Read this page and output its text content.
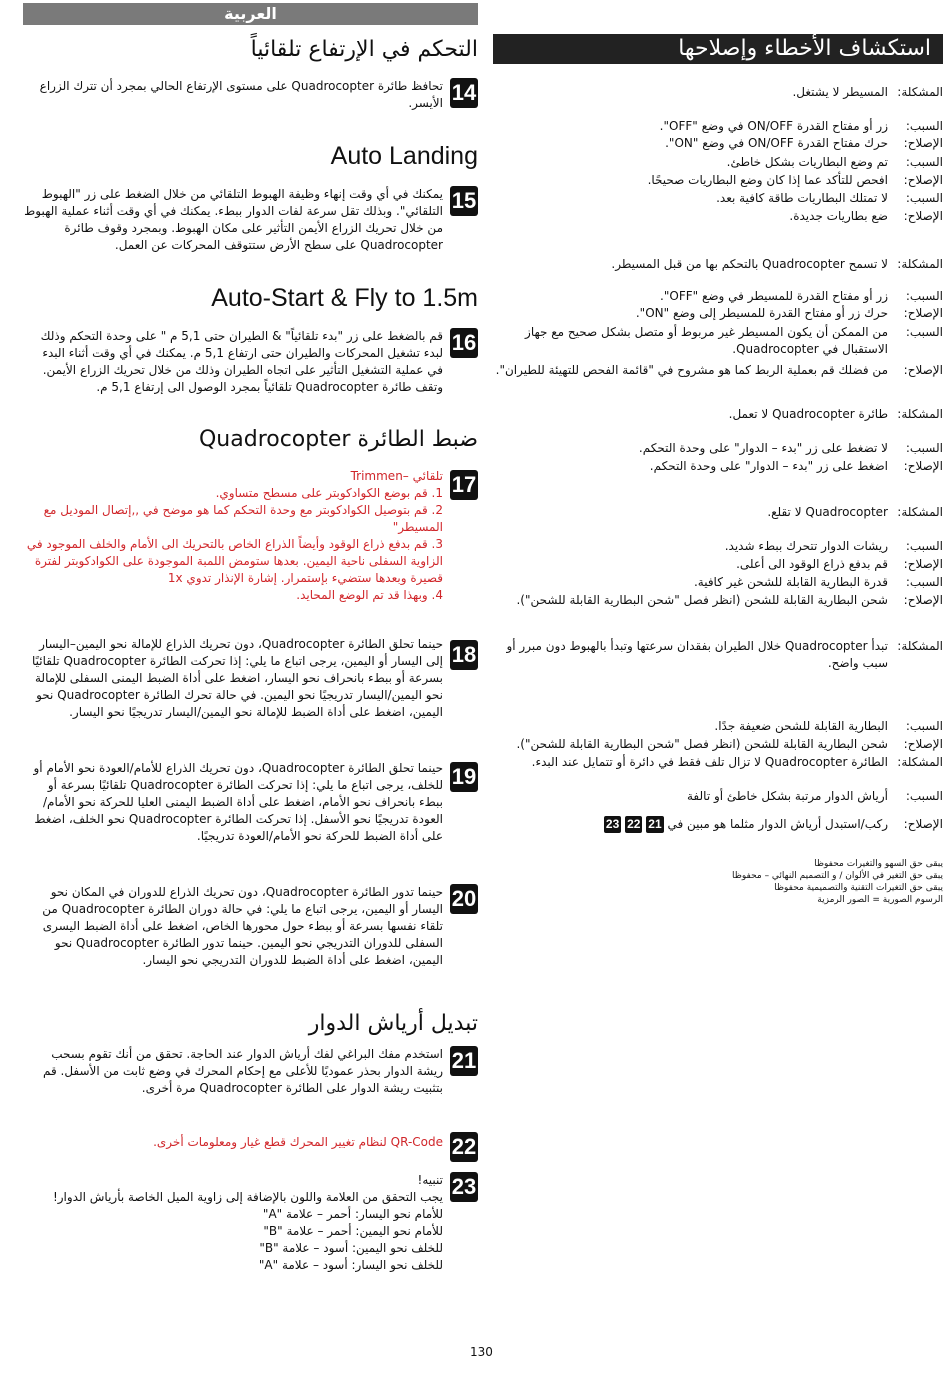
العربية
استكشاف الأخطاء وإصلاحها
التحكم في الإرتفاع تلقائياً
14
تحافظ طائرة Quadrocopter على مستوى الإرتفاع الحالي بمجرد أن تترك الزراع الأيسر.
Auto Landing
15
يمكنك في أي وقت إنهاء وظيفة الهبوط التلقائي من خلال الضغط على زر "الهبوط التلقائي". وبذلك تقل سرعة لفات الدوار ببطء. يمكنك في أي وقت أثناء عملية الهبوط من خلال تحريك الزراع الأيمن التأثير على مكان الهبوط. وبمجرد وقوف طائرة Quadrocopter على سطح الأرض ستتوقف المحركات عن العمل.
Auto-Start & Fly to 1.5m
16
قم بالضغط على زر "بدء تلقائياً" & الطيران حتى 5,1 م " على وحدة التحكم وذلك لبدء تشغيل المحركات والطيران حتى ارتفاع 5,1 م. يمكنك في أي وقت أثناء البدء في عملية التشغيل التأثير على اتجاه الطيران وذلك من خلال تحريك الزراع الأيمن. وتقف طائرة Quadrocopter تلقائياً بمجرد الوصول الى إرتفاع 5,1 م.
ضبط الطائرة Quadrocopter
17
تلقائي –Trimmen
1. قم بوضع الكوادكوبتر على مسطح متساوي.
2. قم بتوصيل الكوادكوبتر مع وحدة التحكم كما هو موضح في ,,إتصال الموديل مع المسيطر"
3. قم بدفع ذراع الوقود وأيضاً الذراع الخاص بالتحريك الى الأمام والخلف الموجود في الزاوية السفلى ناحية اليمين. بعدها ستومض اللمبة الموجودة على الكوادكوبتر لفترة قصيرة وبعدها ستضيء بإستمرار. إشارة الإنذار تدوي 1x
4. وبهذا قد تم الوضع المحايد.
18
حينما تحلق الطائرة Quadrocopter، دون تحريك الذراع للإمالة نحو اليمين–اليسار إلى اليسار أو اليمين، يرجى اتباع ما يلي: إذا تحركت الطائرة Quadrocopter تلقائيًا بسرعة أو ببطء بانحراف نحو اليسار، اضغط على أداة الضبط اليمنى السفلى للإمالة نحو اليمين/اليسار تدريجيًا نحو اليمين. في حالة تحرك الطائرة Quadrocopter نحو اليمين، اضغط على أداة الضبط للإمالة نحو اليمين/اليسار تدريجيًا نحو اليسار.
19
حينما تحلق الطائرة Quadrocopter، دون تحريك الذراع للأمام/العودة نحو الأمام أو للخلف، يرجى اتباع ما يلي: إذا تحركت الطائرة Quadrocopter تلقائيًا بسرعة أو ببطء بانحراف نحو الأمام، اضغط على أداة الضبط اليمنى العليا للحركة نحو الأمام/العودة تدريجيًا نحو الأسفل. إذا تحركت الطائرة Quadrocopter نحو الخلف، اضغط على أداة الضبط للحركة نحو الأمام/العودة تدريجيًا.
20
حينما تدور الطائرة Quadrocopter، دون تحريك الذراع للدوران في المكان نحو اليسار أو اليمين، يرجى اتباع ما يلي: في حالة دوران الطائرة Quadrocopter من تلقاء نفسها بسرعة أو ببطء حول محورها الخاص، اضغط على أداة الضبط اليسرى السفلى للدوران التدريجي نحو اليمين. حينما تدور الطائرة Quadrocopter نحو اليمين، اضغط على أداة الضبط للدوران التدريجي نحو اليسار.
تبديل أرياش الدوار
21
استخدم مفك البراغي لفك أرياش الدوار عند الحاجة. تحقق من أنك تقوم بسحب ريشة الدوار بحذر عموديًا للأعلى مع إحكام المحرك في وضع ثابت من الأسفل. قم بتثبيت ريشة الدوار على الطائرة Quadrocopter مرة أخرى.
22
QR-Code لنظام تغيير المحرك قطع غيار ومعلومات أخرى.
23
تنبيه!
يجب التحقق من العلامة واللون بالإضافة إلى زاوية الميل الخاصة بأرياش الدوار!
للأمام نحو اليسار: أحمر – علامة "A"
للأمام نحو اليمين: أحمر – علامة "B"
للخلف نحو اليمين: أسود – علامة "B"
للخلف نحو اليسار: أسود – علامة "A"
المشكلة:
المسيطر لا يشتغل.
السبب:
زر أو مفتاح القدرة ON/OFF في وضع "OFF".
الإصلاح:
حرك مفتاح القدرة ON/OFF في وضع "ON".
السبب:
تم وضع البطاريات بشكل خاطئ.
الإصلاح:
افحص للتأكد عما إذا كان وضع البطاريات صحيحًا.
السبب:
لا تمتلك البطاريات طاقة كافية بعد.
الإصلاح:
ضع بطاريات جديدة.
المشكلة:
لا تسمح Quadrocopter بالتحكم بها من قبل المسيطر.
السبب:
زر أو مفتاح القدرة للمسيطر في وضع "OFF".
الإصلاح:
حرك زر أو مفتاح القدرة للمسيطر إلى وضع "ON".
السبب:
من الممكن أن يكون المسيطر غير مربوط أو متصل بشكل صحيح مع جهاز الاستقبال في Quadrocopter.
الإصلاح:
من فضلك قم بعملية الربط كما هو مشروح في "قائمة الفحص للتهيئة للطيران".
المشكلة:
طائرة Quadrocopter لا تعمل.
السبب:
لا تضغط على زر "بدء – الدوار" على وحدة التحكم.
الإصلاح:
اضغط على زر "بدء – الدوار" على وحدة التحكم.
المشكلة:
Quadrocopter لا تقلع.
السبب:
ريشات الدوار تتحرك ببطء شديد.
الإصلاح:
قم بدفع ذراع الوقود الى أعلى.
السبب:
قدرة البطارية القابلة للشحن غير كافية.
الإصلاح:
شحن البطارية القابلة للشحن (انظر فصل "شحن البطارية القابلة للشحن").
المشكلة:
تبدأ Quadrocopter خلال الطيران بفقدان سرعتها وتبدأ بالهبوط دون مبرر أو سبب واضح.
السبب:
البطارية القابلة للشحن ضعيفة جدًا.
الإصلاح:
شحن البطارية القابلة للشحن (انظر فصل "شحن البطارية القابلة للشحن").
المشكلة:
الطائرة Quadrocopter لا تزال تلف فقط في دائرة أو تتمايل عند البدء.
السبب:
أرياش الدوار مرتبة بشكل خاطئ أو تالفة
الإصلاح:
ركب/استبدل أرياش الدوار مثلما هو مبين في 21 22 23
يبقى حق السهو والتغيرات محفوظا
يبقى حق التغير في الألوان / و التصميم النهائي – محفوظا
يبقى حق التغيرات التقنية والتصميمية محفوظا
الرسوم الصورية = الصور الرمزية
130
